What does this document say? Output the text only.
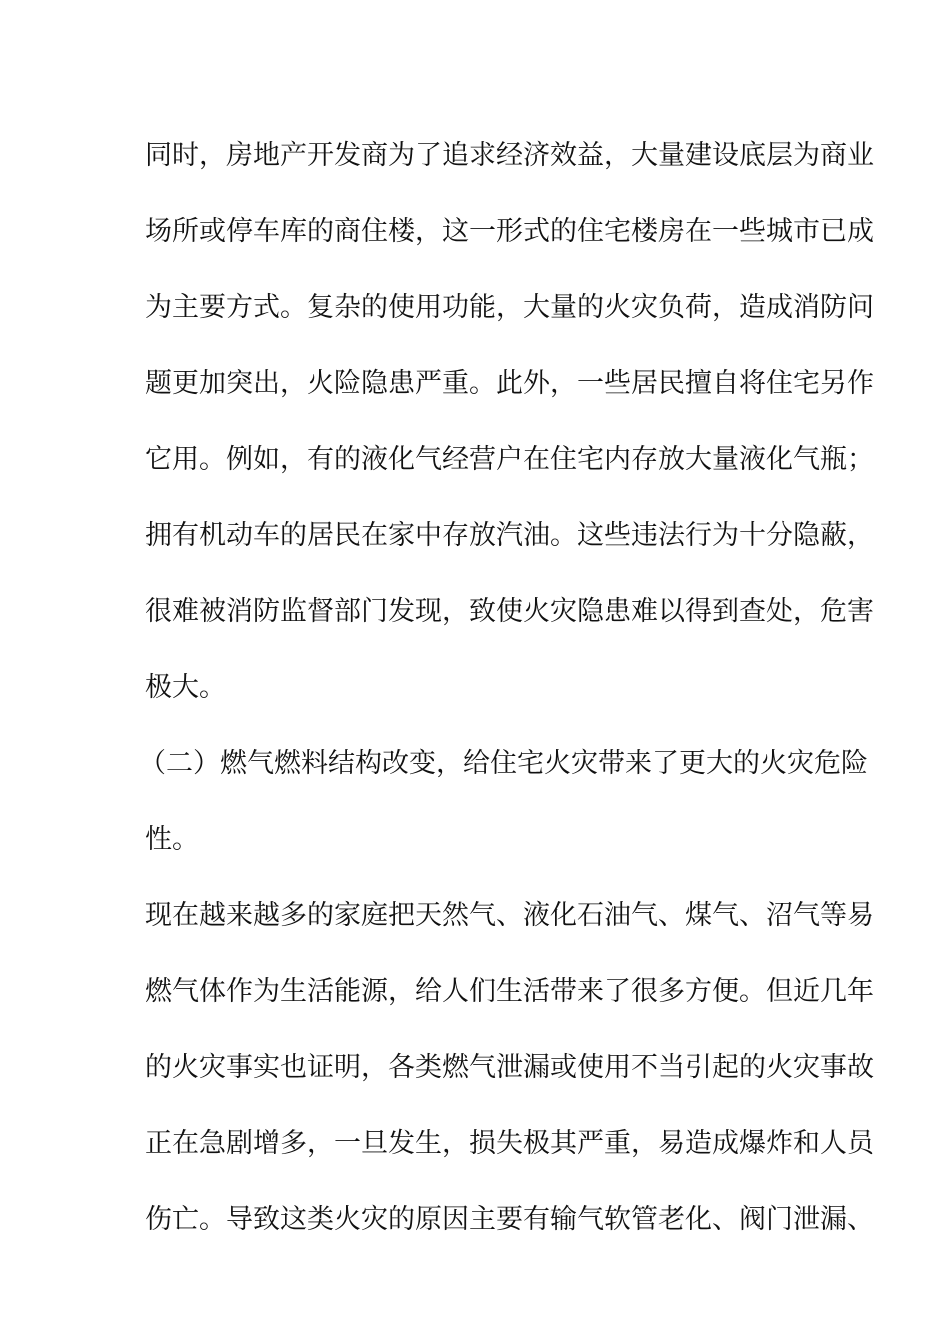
同时，房地产开发商为了追求经济效益，大量建设底层为商业
场所或停车库的商住楼，这一形式的住宅楼房在一些城市已成
为主要方式。复杂的使用功能，大量的火灾负荷，造成消防问
题更加突出，火险隐患严重。此外，一些居民擅自将住宅另作
它用。例如，有的液化气经营户在住宅内存放大量液化气瓶；
拥有机动车的居民在家中存放汽油。这些违法行为十分隐蔽，
很难被消防监督部门发现，致使火灾隐患难以得到查处，危害
极大。
（二）燃气燃料结构改变，给住宅火灾带来了更大的火灾危险
性。
现在越来越多的家庭把天然气、液化石油气、煤气、沼气等易
燃气体作为生活能源，给人们生活带来了很多方便。但近几年
的火灾事实也证明，各类燃气泄漏或使用不当引起的火灾事故
正在急剧增多，一旦发生，损失极其严重，易造成爆炸和人员
伤亡。导致这类火灾的原因主要有输气软管老化、阀门泄漏、
